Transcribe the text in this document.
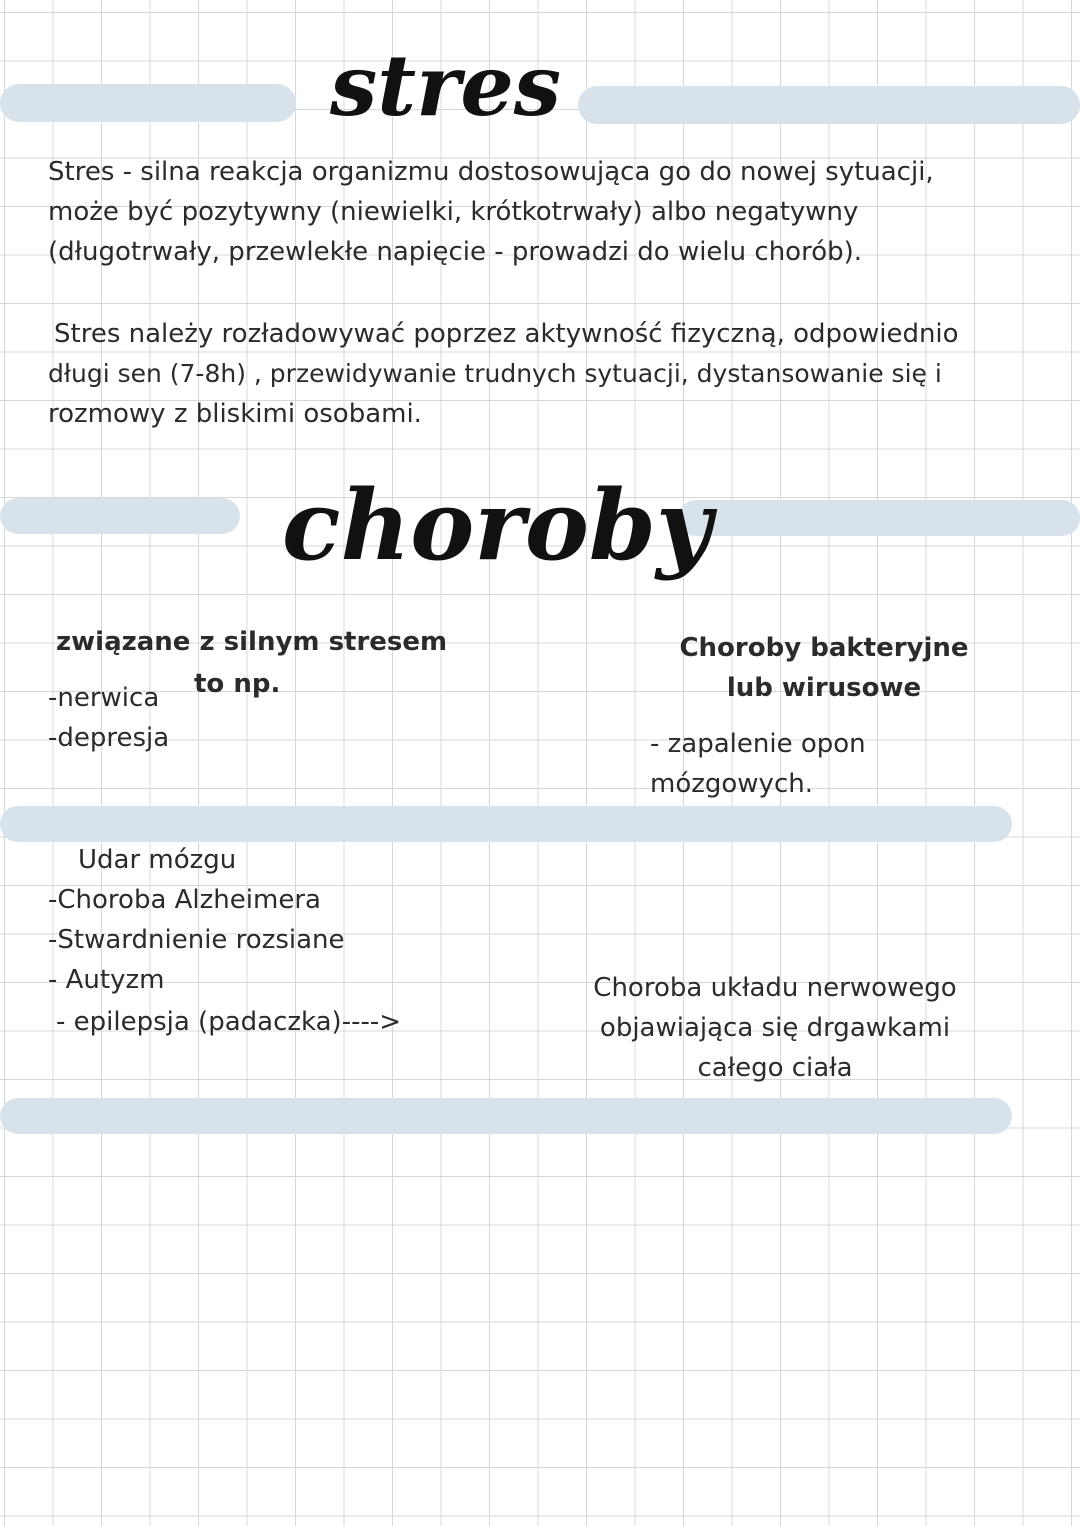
stres
choroby

Stres - silna reakcja organizmu dostosowująca go do nowej sytuacji,

może być pozytywny (niewielki, krótkotrwały) albo negatywny

(długotrwały, przewlekłe napięcie - prowadzi do wielu chorób).

Stres należy rozładowywać poprzez aktywność fizyczną, odpowiednio

długi sen (7-8h) , przewidywanie trudnych sytuacji, dystansowanie się i

rozmowy z bliskimi osobami.

związane z silnym stresem

to np.

-nerwica

-depresja

Choroby bakteryjne

lub wirusowe

- zapalenie opon

mózgowych.

Udar mózgu

-Choroba Alzheimera

-Stwardnienie rozsiane

- Autyzm

- epilepsja (padaczka)---->

Choroba układu nerwowego

objawiająca się drgawkami

całego ciała
